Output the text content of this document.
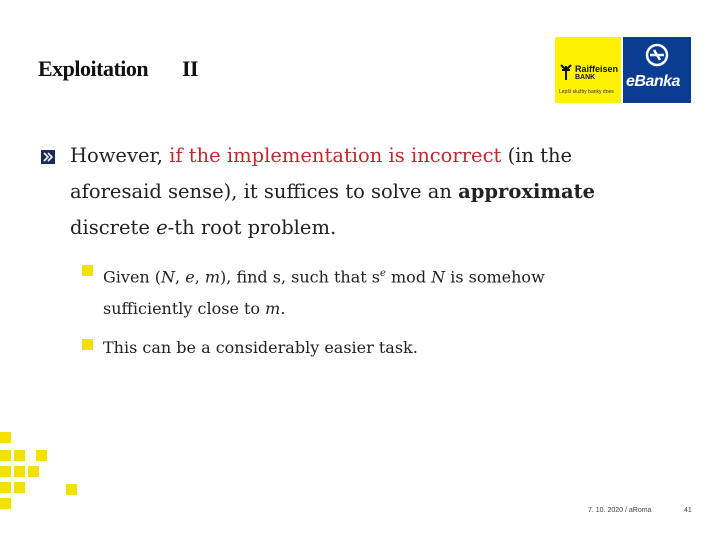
Exploitation II	Raiffeisen
BANK
Lepší služby banky dnes
eBanka
However, if the implementation is incorrect (in the aforesaid sense), it suffices to solve an approximate discrete e-th root problem.
Given (N, e, m), find s, such that $s^e$ mod N is somehow sufficiently close to m.
This can be a considerably easier task.
7. 10. 2020 / aRoma	41
